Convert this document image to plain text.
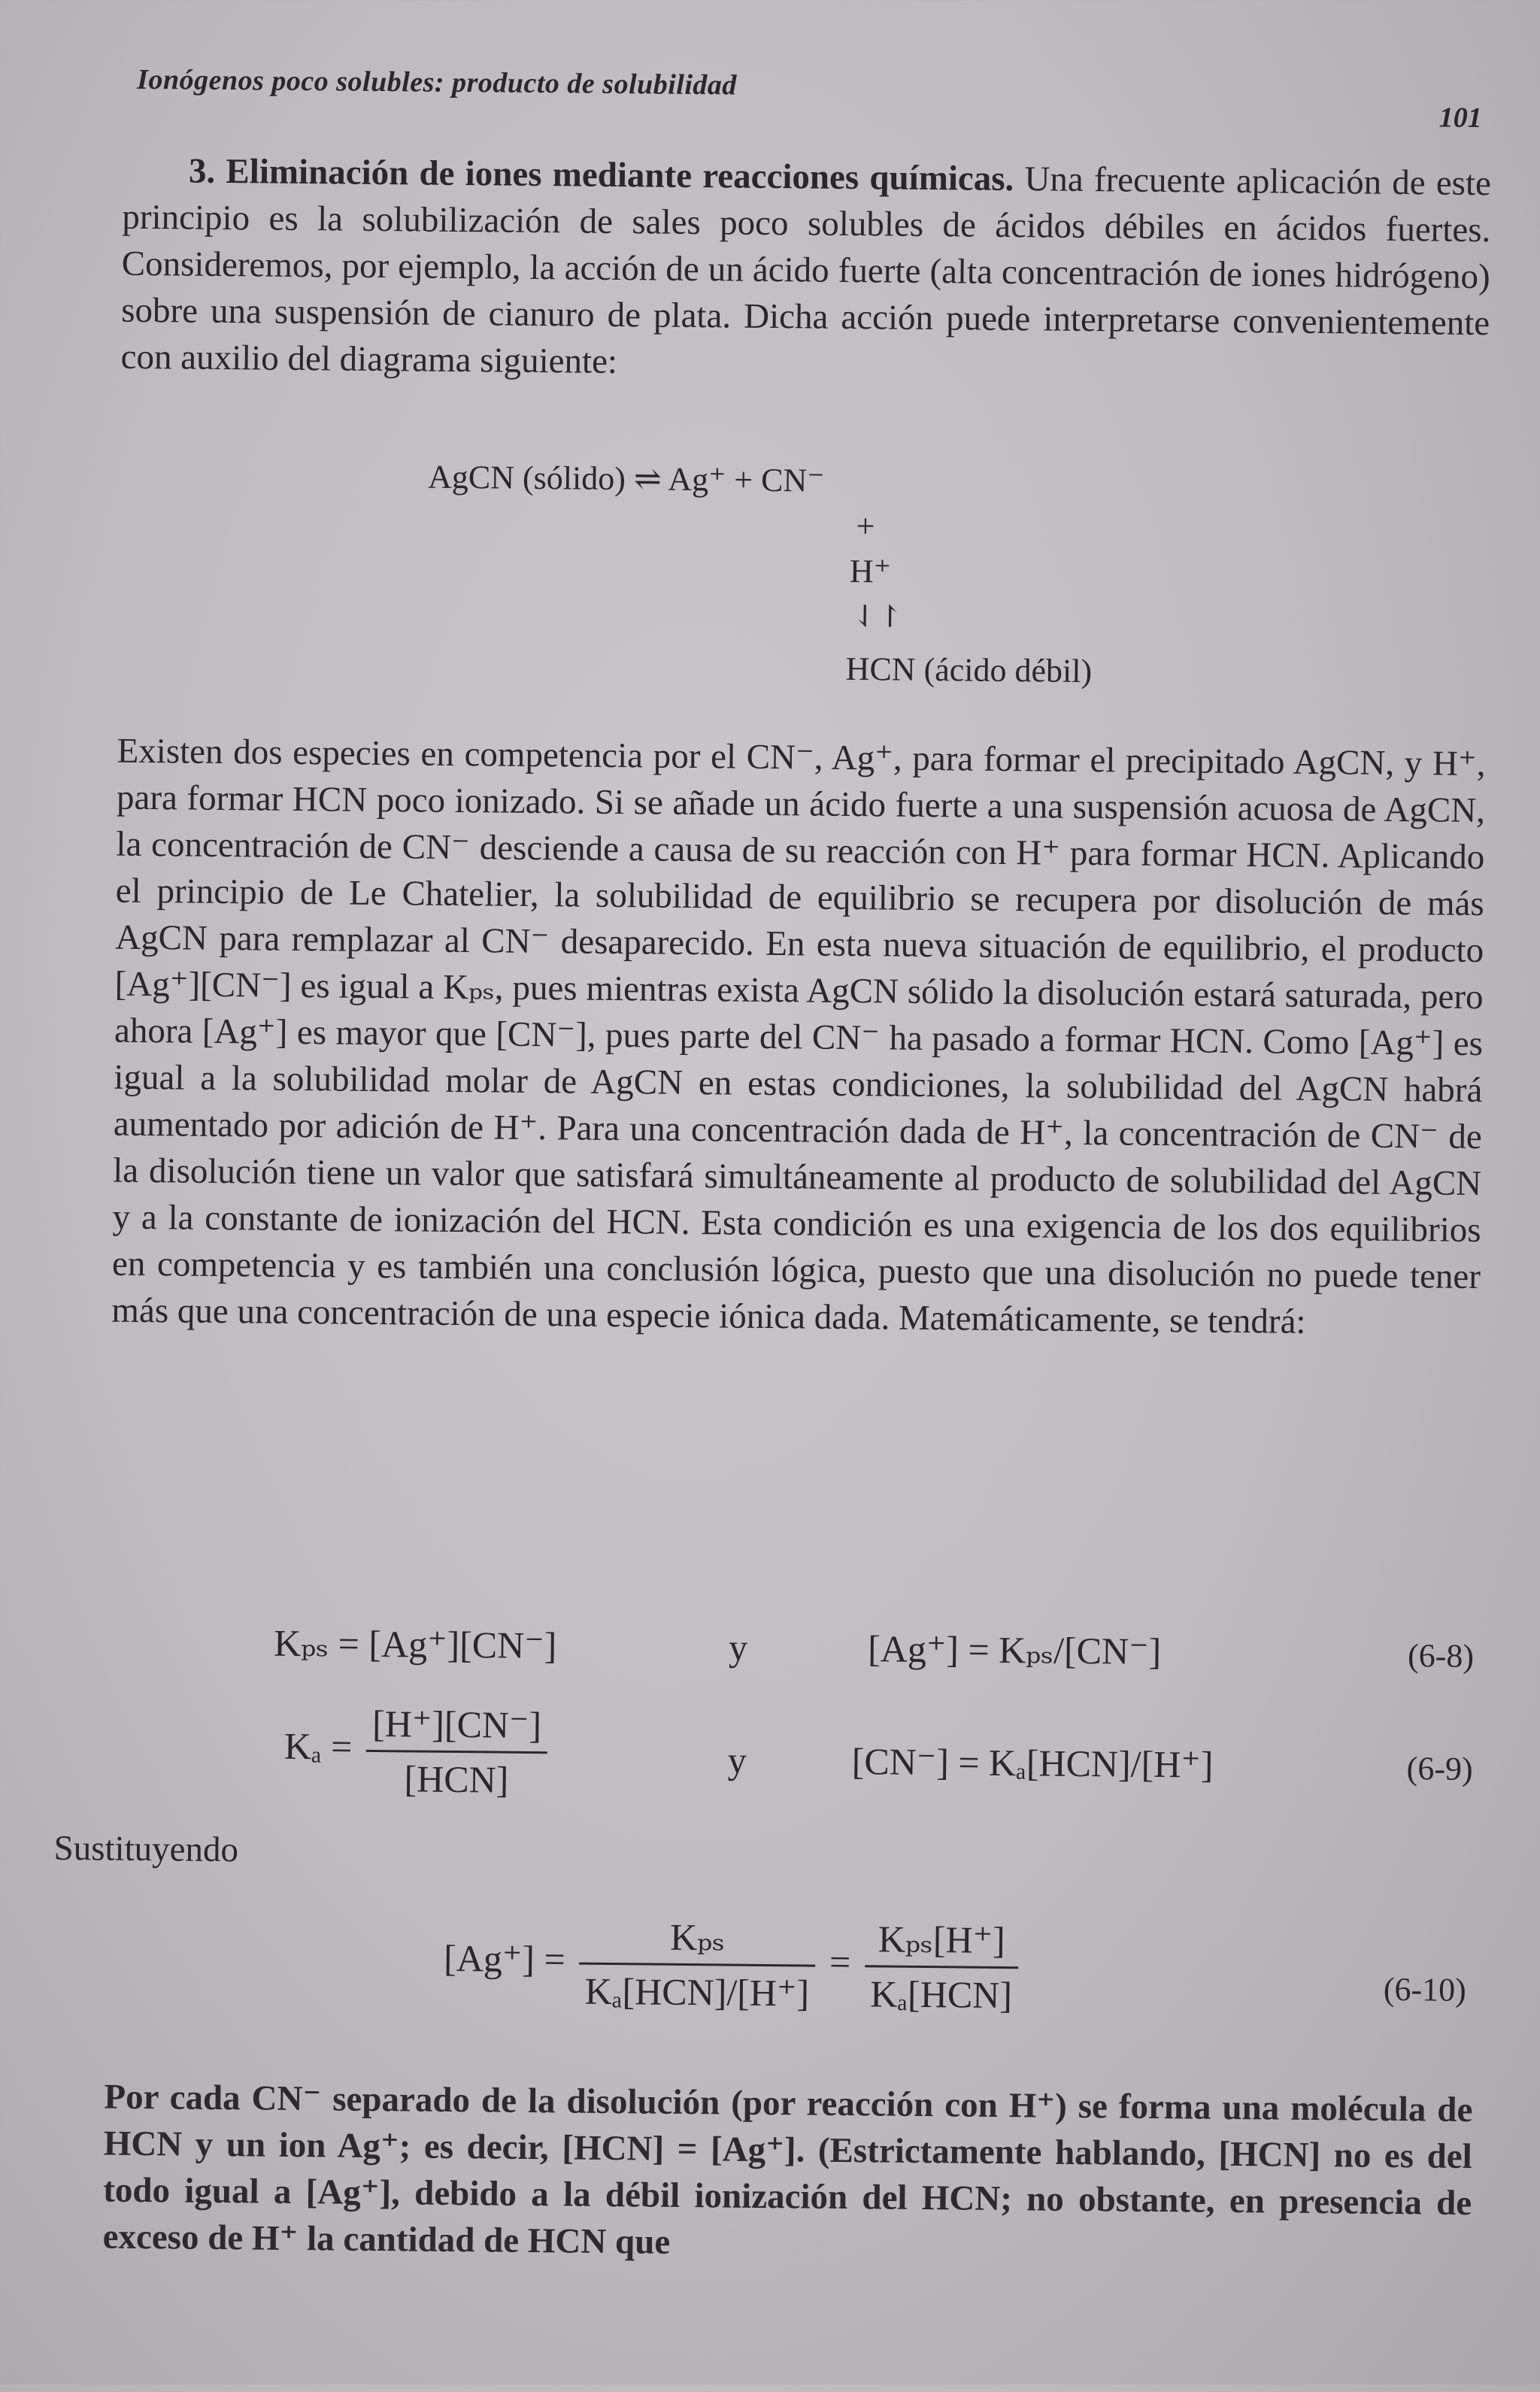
Ionógenos poco solubles: producto de solubilidad
101
3. Eliminación de iones mediante reacciones químicas. Una frecuente aplicación de este principio es la solubilización de sales poco solubles de ácidos débiles en ácidos fuertes. Consideremos, por ejemplo, la acción de un ácido fuerte (alta concentración de iones hidrógeno) sobre una suspensión de cianuro de plata. Dicha acción puede interpretarse convenientemente con auxilio del diagrama siguiente:
AgCN (sólido) ⇌ Ag⁺ + CN⁻
+
H⁺
⇃↾
HCN (ácido débil)
Existen dos especies en competencia por el CN⁻, Ag⁺, para formar el precipitado AgCN, y H⁺, para formar HCN poco ionizado. Si se añade un ácido fuerte a una suspensión acuosa de AgCN, la concentración de CN⁻ desciende a causa de su reacción con H⁺ para formar HCN. Aplicando el principio de Le Chatelier, la solubilidad de equilibrio se recupera por disolución de más AgCN para remplazar al CN⁻ desaparecido. En esta nueva situación de equilibrio, el producto [Ag⁺][CN⁻] es igual a Kₚₛ, pues mientras exista AgCN sólido la disolución estará saturada, pero ahora [Ag⁺] es mayor que [CN⁻], pues parte del CN⁻ ha pasado a formar HCN. Como [Ag⁺] es igual a la solubilidad molar de AgCN en estas condiciones, la solubilidad del AgCN habrá aumentado por adición de H⁺. Para una concentración dada de H⁺, la concentración de CN⁻ de la disolución tiene un valor que satisfará simultáneamente al producto de solubilidad del AgCN y a la constante de ionización del HCN. Esta condición es una exigencia de los dos equilibrios en competencia y es también una conclusión lógica, puesto que una disolución no puede tener más que una concentración de una especie iónica dada. Matemáticamente, se tendrá:
Kₚₛ = [Ag⁺][CN⁻]	y	[Ag⁺] = Kₚₛ/[CN⁻]	(6-8)
$K_a = \frac{[H^+][CN^-]}{\text{[HCN]}}$	y	[CN⁻] = Kₐ[HCN]/[H⁺]	(6-9)
Sustituyendo
$[Ag^+] = \frac{\text{Kₚₛ}}{\text{Kₐ[HCN]/[H⁺]}} = \frac{\text{Kₚₛ[H⁺]}}{\text{Kₐ[HCN]}}$	(6-10)
Por cada CN⁻ separado de la disolución (por reacción con H⁺) se forma una molécula de HCN y un ion Ag⁺; es decir, [HCN] = [Ag⁺]. (Estrictamente hablando, [HCN] no es del todo igual a [Ag⁺], debido a la débil ionización del HCN; no obstante, en presencia de exceso de H⁺ la cantidad de HCN que
